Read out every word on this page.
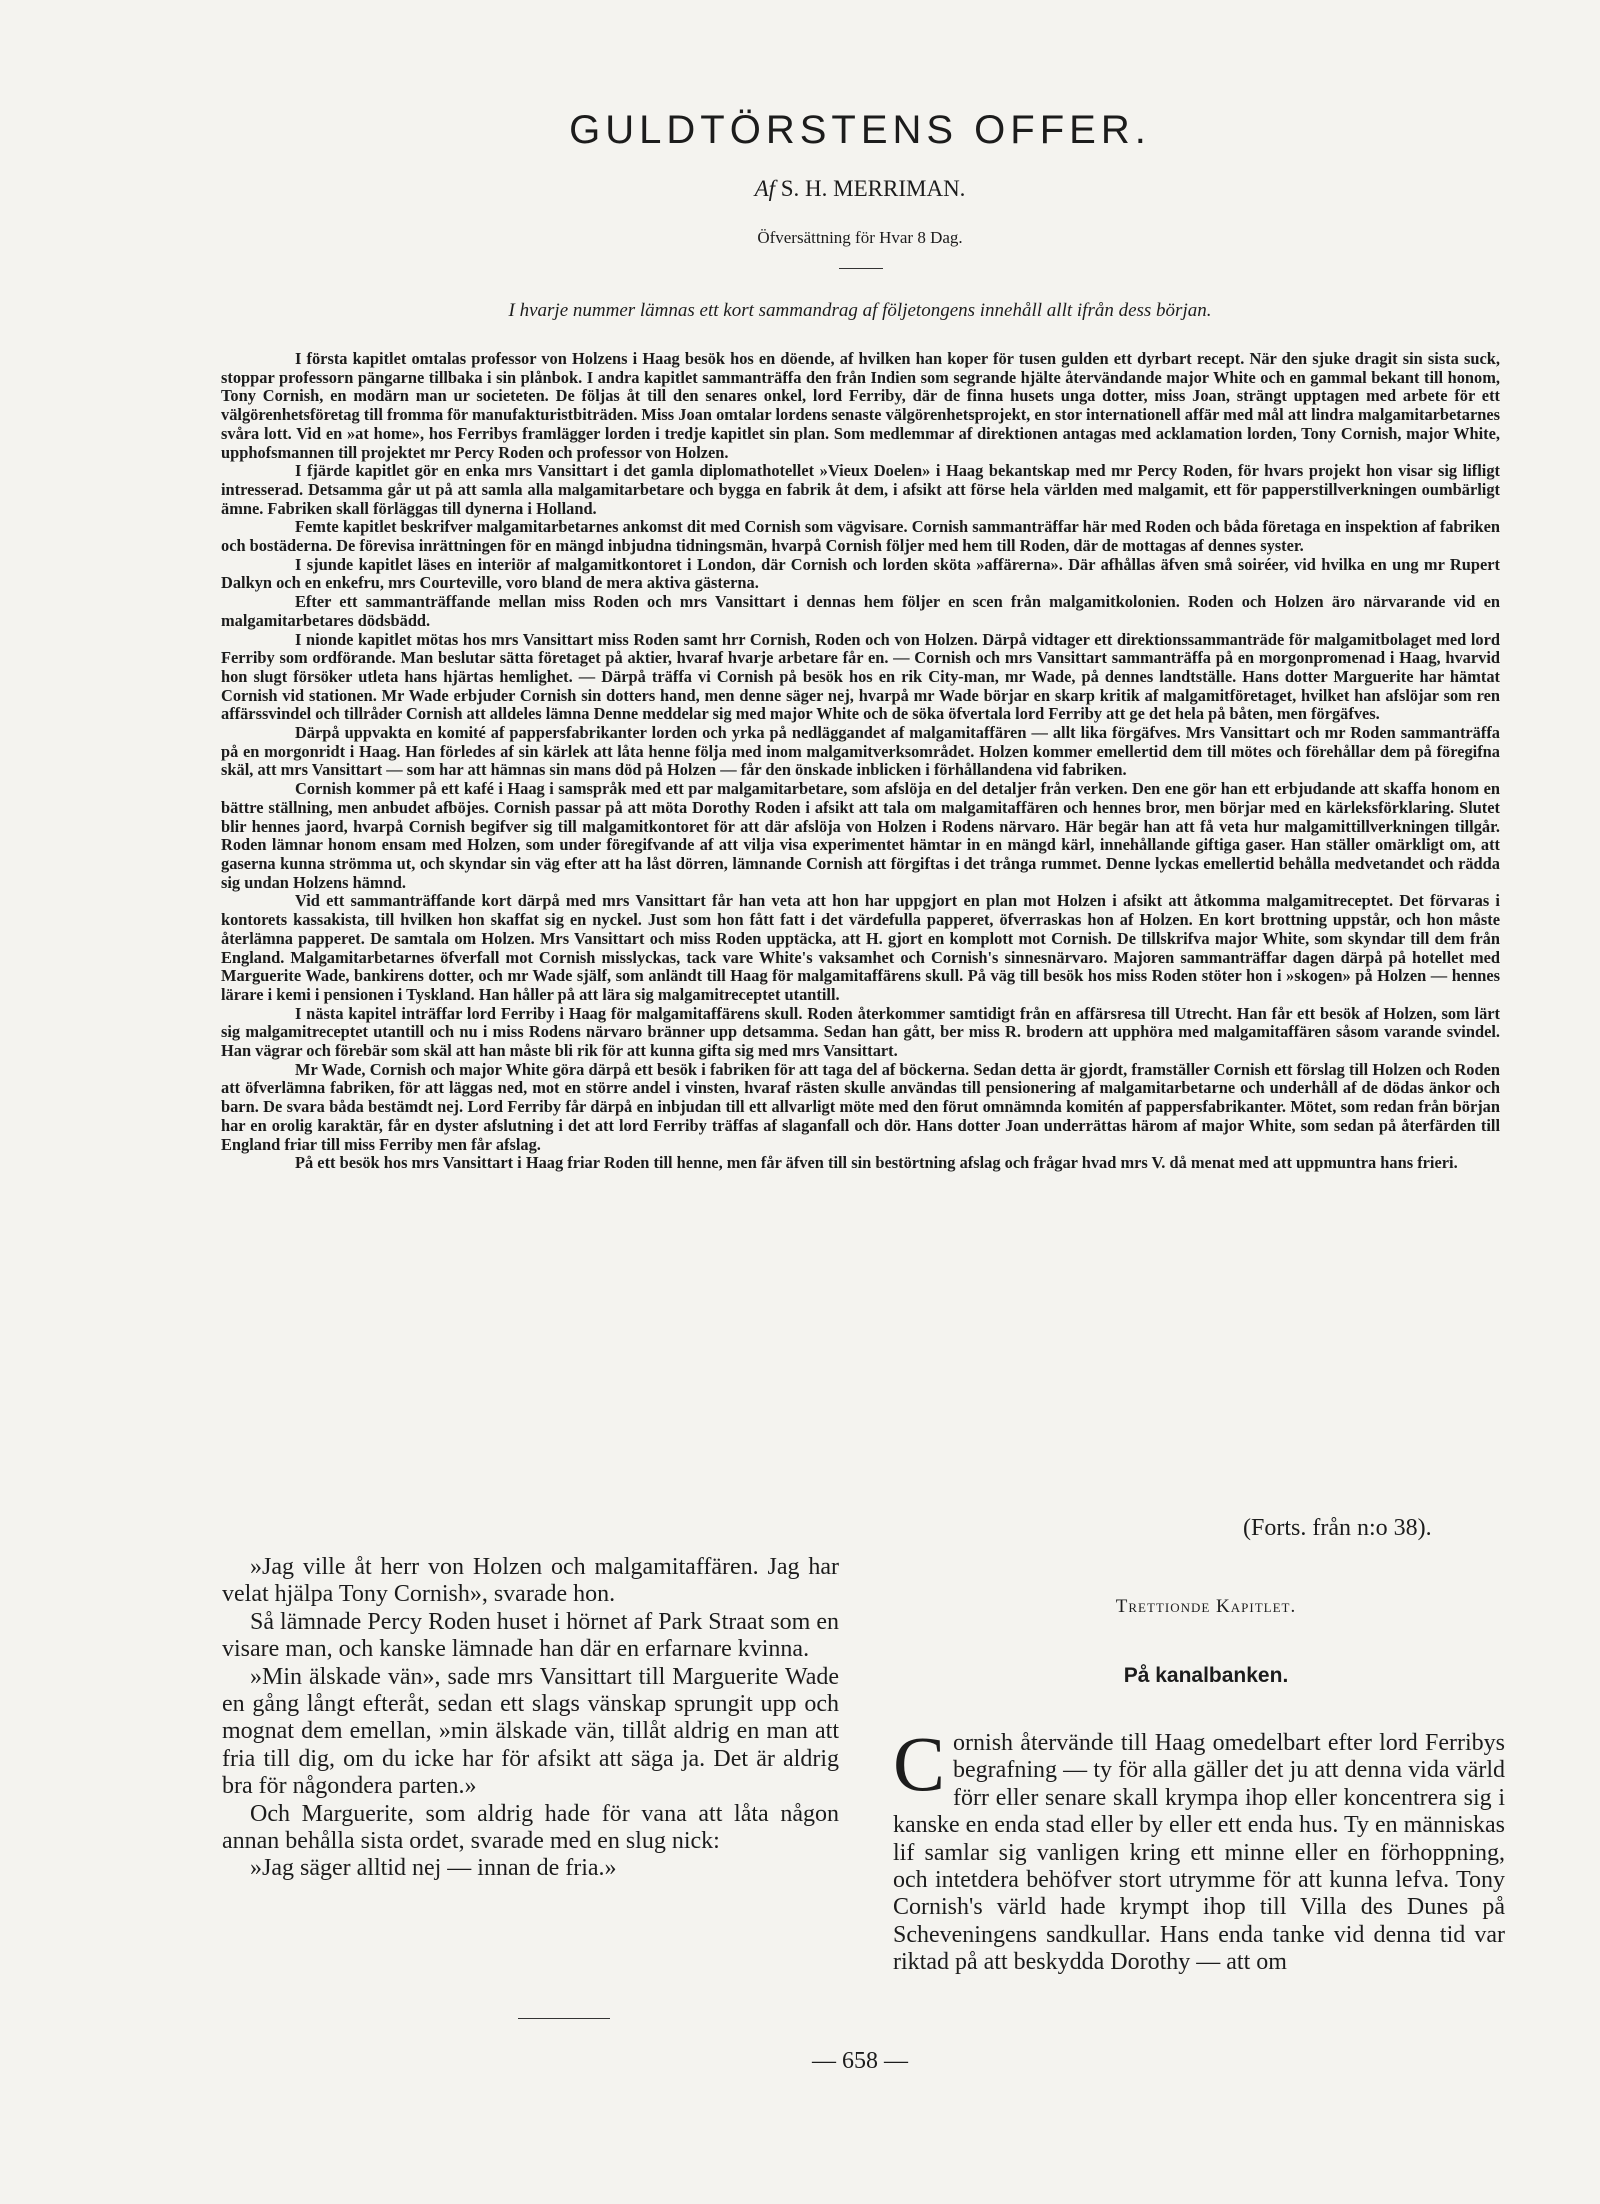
GULDTÖRSTENS OFFER.
Af S. H. MERRIMAN.
Öfversättning för Hvar 8 Dag.
I hvarje nummer lämnas ett kort sammandrag af följetongens innehåll allt ifrån dess början.

I första kapitlet omtalas professor von Holzens i Haag besök hos en döende, af hvilken han koper för tusen gulden ett dyrbart recept. När den sjuke dragit sin sista suck, stoppar professorn pängarne tillbaka i sin plånbok. I andra kapitlet sammanträffa den från Indien som segrande hjälte återvändande major White och en gammal bekant till honom, Tony Cornish, en modärn man ur societeten. De följas åt till den senares onkel, lord Ferriby, där de finna husets unga dotter, miss Joan, strängt upptagen med arbete för ett välgörenhetsföretag till fromma för manufakturistbiträden. Miss Joan omtalar lordens senaste välgörenhetsprojekt, en stor internationell affär med mål att lindra malgamitarbetarnes svåra lott. Vid en »at home», hos Ferribys framlägger lorden i tredje kapitlet sin plan. Som medlemmar af direktionen antagas med acklamation lorden, Tony Cornish, major White, upphofsmannen till projektet mr Percy Roden och professor von Holzen.

I fjärde kapitlet gör en enka mrs Vansittart i det gamla diplomathotellet »Vieux Doelen» i Haag bekantskap med mr Percy Roden, för hvars projekt hon visar sig lifligt intresserad. Detsamma går ut på att samla alla malgamitarbetare och bygga en fabrik åt dem, i afsikt att förse hela världen med malgamit, ett för papperstillverkningen oumbärligt ämne. Fabriken skall förläggas till dynerna i Holland.

Femte kapitlet beskrifver malgamitarbetarnes ankomst dit med Cornish som vägvisare. Cornish sammanträffar här med Roden och båda företaga en inspektion af fabriken och bostäderna. De förevisa inrättningen för en mängd inbjudna tidningsmän, hvarpå Cornish följer med hem till Roden, där de mottagas af dennes syster.

I sjunde kapitlet läses en interiör af malgamitkontoret i London, där Cornish och lorden sköta »affärerna». Där afhållas äfven små soiréer, vid hvilka en ung mr Rupert Dalkyn och en enkefru, mrs Courteville, voro bland de mera aktiva gästerna.

Efter ett sammanträffande mellan miss Roden och mrs Vansittart i dennas hem följer en scen från malgamitkolonien. Roden och Holzen äro närvarande vid en malgamitarbetares dödsbädd.

I nionde kapitlet mötas hos mrs Vansittart miss Roden samt hrr Cornish, Roden och von Holzen. Därpå vidtager ett direktionssammanträde för malgamitbolaget med lord Ferriby som ordförande. Man beslutar sätta företaget på aktier, hvaraf hvarje arbetare får en. — Cornish och mrs Vansittart sammanträffa på en morgonpromenad i Haag, hvarvid hon slugt försöker utleta hans hjärtas hemlighet. — Därpå träffa vi Cornish på besök hos en rik City-man, mr Wade, på dennes landtställe. Hans dotter Marguerite har hämtat Cornish vid stationen. Mr Wade erbjuder Cornish sin dotters hand, men denne säger nej, hvarpå mr Wade börjar en skarp kritik af malgamitföretaget, hvilket han afslöjar som ren affärssvindel och tillråder Cornish att alldeles lämna Denne meddelar sig med major White och de söka öfvertala lord Ferriby att ge det hela på båten, men förgäfves.

Därpå uppvakta en komité af pappersfabrikanter lorden och yrka på nedläggandet af malgamitaffären — allt lika förgäfves. Mrs Vansittart och mr Roden sammanträffa på en morgonridt i Haag. Han förledes af sin kärlek att låta henne följa med inom malgamitverksområdet. Holzen kommer emellertid dem till mötes och förehållar dem på föregifna skäl, att mrs Vansittart — som har att hämnas sin mans död på Holzen — får den önskade inblicken i förhållandena vid fabriken.

Cornish kommer på ett kafé i Haag i samspråk med ett par malgamitarbetare, som afslöja en del detaljer från verken. Den ene gör han ett erbjudande att skaffa honom en bättre ställning, men anbudet afböjes. Cornish passar på att möta Dorothy Roden i afsikt att tala om malgamitaffären och hennes bror, men börjar med en kärleksförklaring. Slutet blir hennes jaord, hvarpå Cornish begifver sig till malgamitkontoret för att där afslöja von Holzen i Rodens närvaro. Här begär han att få veta hur malgamittillverkningen tillgår. Roden lämnar honom ensam med Holzen, som under föregifvande af att vilja visa experimentet hämtar in en mängd kärl, innehållande giftiga gaser. Han ställer omärkligt om, att gaserna kunna strömma ut, och skyndar sin väg efter att ha låst dörren, lämnande Cornish att förgiftas i det trånga rummet. Denne lyckas emellertid behålla medvetandet och rädda sig undan Holzens hämnd.

Vid ett sammanträffande kort därpå med mrs Vansittart får han veta att hon har uppgjort en plan mot Holzen i afsikt att åtkomma malgamitreceptet. Det förvaras i kontorets kassakista, till hvilken hon skaffat sig en nyckel. Just som hon fått fatt i det värdefulla papperet, öfverraskas hon af Holzen. En kort brottning uppstår, och hon måste återlämna papperet. De samtala om Holzen. Mrs Vansittart och miss Roden upptäcka, att H. gjort en komplott mot Cornish. De tillskrifva major White, som skyndar till dem från England. Malgamitarbetarnes öfverfall mot Cornish misslyckas, tack vare White's vaksamhet och Cornish's sinnesnärvaro. Majoren sammanträffar dagen därpå på hotellet med Marguerite Wade, bankirens dotter, och mr Wade själf, som anländt till Haag för malgamitaffärens skull. På väg till besök hos miss Roden stöter hon i »skogen» på Holzen — hennes lärare i kemi i pensionen i Tyskland. Han håller på att lära sig malgamitreceptet utantill.

I nästa kapitel inträffar lord Ferriby i Haag för malgamitaffärens skull. Roden återkommer samtidigt från en affärsresa till Utrecht. Han får ett besök af Holzen, som lärt sig malgamitreceptet utantill och nu i miss Rodens närvaro bränner upp detsamma. Sedan han gått, ber miss R. brodern att upphöra med malgamitaffären såsom varande svindel. Han vägrar och förebär som skäl att han måste bli rik för att kunna gifta sig med mrs Vansittart.

Mr Wade, Cornish och major White göra därpå ett besök i fabriken för att taga del af böckerna. Sedan detta är gjordt, framställer Cornish ett förslag till Holzen och Roden att öfverlämna fabriken, för att läggas ned, mot en större andel i vinsten, hvaraf rästen skulle användas till pensionering af malgamitarbetarne och underhåll af de dödas änkor och barn. De svara båda bestämdt nej. Lord Ferriby får därpå en inbjudan till ett allvarligt möte med den förut omnämnda komitén af pappersfabrikanter. Mötet, som redan från början har en orolig karaktär, får en dyster afslutning i det att lord Ferriby träffas af slaganfall och dör. Hans dotter Joan underrättas härom af major White, som sedan på återfärden till England friar till miss Ferriby men får afslag.

På ett besök hos mrs Vansittart i Haag friar Roden till henne, men får äfven till sin bestörtning afslag och frågar hvad mrs V. då menat med att uppmuntra hans frieri.

»Jag ville åt herr von Holzen och malgamitaffären. Jag har velat hjälpa Tony Cornish», svarade hon.

Så lämnade Percy Roden huset i hörnet af Park Straat som en visare man, och kanske lämnade han där en erfarnare kvinna.

»Min älskade vän», sade mrs Vansittart till Marguerite Wade en gång långt efteråt, sedan ett slags vänskap sprungit upp och mognat dem emellan, »min älskade vän, tillåt aldrig en man att fria till dig, om du icke har för afsikt att säga ja. Det är aldrig bra för någondera parten.»

Och Marguerite, som aldrig hade för vana att låta någon annan behålla sista ordet, svarade med en slug nick:

»Jag säger alltid nej — innan de fria.»

(Forts. från n:o 38).
Trettionde Kapitlet.
På kanalbanken.

Cornish återvände till Haag omedelbart efter lord Ferribys begrafning — ty för alla gäller det ju att denna vida värld förr eller senare skall krympa ihop eller koncentrera sig i kanske en enda stad eller by eller ett enda hus. Ty en människas lif samlar sig vanligen kring ett minne eller en förhoppning, och intetdera behöfver stort utrymme för att kunna lefva. Tony Cornish's värld hade krympt ihop till Villa des Dunes på Scheveningens sandkullar. Hans enda tanke vid denna tid var riktad på att beskydda Dorothy — att om

— 658 —
